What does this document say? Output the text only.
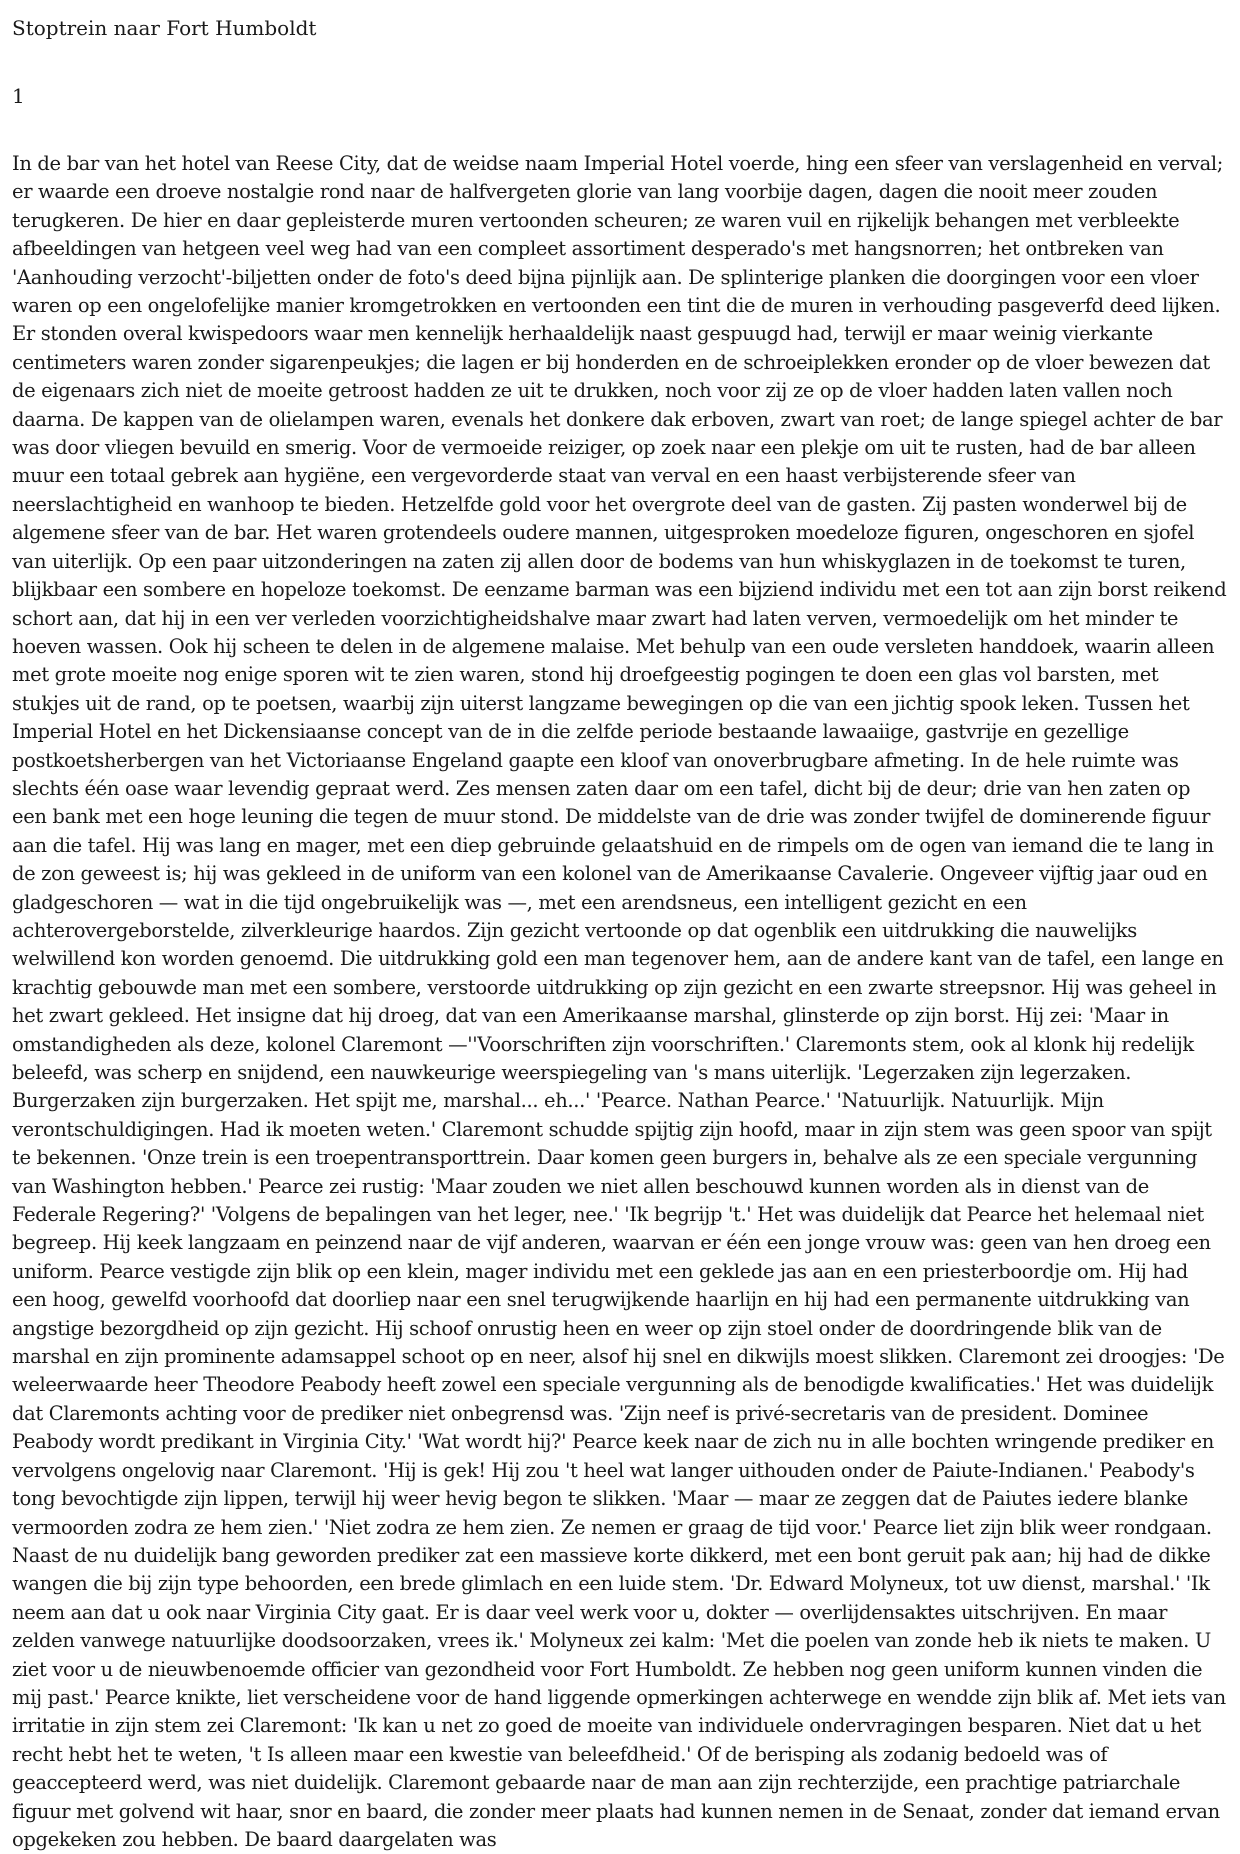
Stoptrein naar Fort Humboldt
1

In de bar van het hotel van Reese City, dat de weidse naam Imperial Hotel voerde, hing een sfeer van verslagenheid en verval; er waarde een droeve nostalgie rond naar de halfvergeten glorie van lang voorbije dagen, dagen die nooit meer zouden terugkeren. De hier en daar gepleisterde muren vertoonden scheuren; ze waren vuil en rijkelijk behangen met verbleekte afbeeldingen van hetgeen veel weg had van een compleet assortiment desperado's met hangsnorren; het ontbreken van 'Aanhouding verzocht'-biljetten onder de foto's deed bijna pijnlijk aan. De splinterige planken die doorgingen voor een vloer waren op een ongelofelijke manier kromgetrokken en vertoonden een tint die de muren in verhouding pasgeverfd deed lijken. Er stonden overal kwispedoors waar men kennelijk herhaaldelijk naast gespuugd had, terwijl er maar weinig vierkante centimeters waren zonder sigarenpeukjes; die lagen er bij honderden en de schroeiplekken eronder op de vloer bewezen dat de eigenaars zich niet de moeite getroost hadden ze uit te drukken, noch voor zij ze op de vloer hadden laten vallen noch daarna. De kappen van de olielampen waren, evenals het donkere dak erboven, zwart van roet; de lange spiegel achter de bar was door vliegen bevuild en smerig. Voor de vermoeide reiziger, op zoek naar een plekje om uit te rusten, had de bar alleen muur een totaal gebrek aan hygiëne, een vergevorderde staat van verval en een haast verbijsterende sfeer van neerslachtigheid en wanhoop te bieden. Hetzelfde gold voor het overgrote deel van de gasten. Zij pasten wonderwel bij de algemene sfeer van de bar. Het waren grotendeels oudere mannen, uitgesproken moedeloze figuren, ongeschoren en sjofel van uiterlijk. Op een paar uitzonderingen na zaten zij allen door de bodems van hun whiskyglazen in de toekomst te turen, blijkbaar een sombere en hopeloze toekomst. De eenzame barman was een bijziend individu met een tot aan zijn borst reikend schort aan, dat hij in een ver verleden voorzichtigheidshalve maar zwart had laten verven, vermoedelijk om het minder te hoeven wassen. Ook hij scheen te delen in de algemene malaise. Met behulp van een oude versleten handdoek, waarin alleen met grote moeite nog enige sporen wit te zien waren, stond hij droefgeestig pogingen te doen een glas vol barsten, met stukjes uit de rand, op te poetsen, waarbij zijn uiterst langzame bewegingen op die van een jichtig spook leken. Tussen het Imperial Hotel en het Dickensiaanse concept van de in die zelfde periode bestaande lawaaiige, gastvrije en gezellige postkoetsherbergen van het Victoriaanse Engeland gaapte een kloof van onoverbrugbare afmeting. In de hele ruimte was slechts één oase waar levendig gepraat werd. Zes mensen zaten daar om een tafel, dicht bij de deur; drie van hen zaten op een bank met een hoge leuning die tegen de muur stond. De middelste van de drie was zonder twijfel de dominerende figuur aan die tafel. Hij was lang en mager, met een diep gebruinde gelaatshuid en de rimpels om de ogen van iemand die te lang in de zon geweest is; hij was gekleed in de uniform van een kolonel van de Amerikaanse Cavalerie. Ongeveer vijftig jaar oud en gladgeschoren — wat in die tijd ongebruikelijk was —, met een arendsneus, een intelligent gezicht en een achterovergeborstelde, zilverkleurige haardos. Zijn gezicht vertoonde op dat ogenblik een uitdrukking die nauwelijks welwillend kon worden genoemd. Die uitdrukking gold een man tegenover hem, aan de andere kant van de tafel, een lange en krachtig gebouwde man met een sombere, verstoorde uitdrukking op zijn gezicht en een zwarte streepsnor. Hij was geheel in het zwart gekleed. Het insigne dat hij droeg, dat van een Amerikaanse marshal, glinsterde op zijn borst. Hij zei: 'Maar in omstandigheden als deze, kolonel Claremont —''Voorschriften zijn voorschriften.' Claremonts stem, ook al klonk hij redelijk beleefd, was scherp en snijdend, een nauwkeurige weerspiegeling van 's mans uiterlijk. 'Legerzaken zijn legerzaken. Burgerzaken zijn burgerzaken. Het spijt me, marshal... eh...' 'Pearce. Nathan Pearce.' 'Natuurlijk. Natuurlijk. Mijn verontschuldigingen. Had ik moeten weten.' Claremont schudde spijtig zijn hoofd, maar in zijn stem was geen spoor van spijt te bekennen. 'Onze trein is een troepentransporttrein. Daar komen geen burgers in, behalve als ze een speciale vergunning van Washington hebben.' Pearce zei rustig: 'Maar zouden we niet allen beschouwd kunnen worden als in dienst van de Federale Regering?' 'Volgens de bepalingen van het leger, nee.' 'Ik begrijp 't.' Het was duidelijk dat Pearce het helemaal niet begreep. Hij keek langzaam en peinzend naar de vijf anderen, waarvan er één een jonge vrouw was: geen van hen droeg een uniform. Pearce vestigde zijn blik op een klein, mager individu met een geklede jas aan en een priesterboordje om. Hij had een hoog, gewelfd voorhoofd dat doorliep naar een snel terugwijkende haarlijn en hij had een permanente uitdrukking van angstige bezorgdheid op zijn gezicht. Hij schoof onrustig heen en weer op zijn stoel onder de doordringende blik van de marshal en zijn prominente adamsappel schoot op en neer, alsof hij snel en dikwijls moest slikken. Claremont zei droogjes: 'De weleerwaarde heer Theodore Peabody heeft zowel een speciale vergunning als de benodigde kwalificaties.' Het was duidelijk dat Claremonts achting voor de prediker niet onbegrensd was. 'Zijn neef is privé-secretaris van de president. Dominee Peabody wordt predikant in Virginia City.' 'Wat wordt hij?' Pearce keek naar de zich nu in alle bochten wringende prediker en vervolgens ongelovig naar Claremont. 'Hij is gek! Hij zou 't heel wat langer uithouden onder de Paiute-Indianen.' Peabody's tong bevochtigde zijn lippen, terwijl hij weer hevig begon te slikken. 'Maar — maar ze zeggen dat de Paiutes iedere blanke vermoorden zodra ze hem zien.' 'Niet zodra ze hem zien. Ze nemen er graag de tijd voor.' Pearce liet zijn blik weer rondgaan. Naast de nu duidelijk bang geworden prediker zat een massieve korte dikkerd, met een bont geruit pak aan; hij had de dikke wangen die bij zijn type behoorden, een brede glimlach en een luide stem. 'Dr. Edward Molyneux, tot uw dienst, marshal.' 'Ik neem aan dat u ook naar Virginia City gaat. Er is daar veel werk voor u, dokter — overlijdensaktes uitschrijven. En maar zelden vanwege natuurlijke doodsoorzaken, vrees ik.' Molyneux zei kalm: 'Met die poelen van zonde heb ik niets te maken. U ziet voor u de nieuwbenoemde officier van gezondheid voor Fort Humboldt. Ze hebben nog geen uniform kunnen vinden die mij past.' Pearce knikte, liet verscheidene voor de hand liggende opmerkingen achterwege en wendde zijn blik af. Met iets van irritatie in zijn stem zei Claremont: 'Ik kan u net zo goed de moeite van individuele ondervragingen besparen. Niet dat u het recht hebt het te weten, 't Is alleen maar een kwestie van beleefdheid.' Of de berisping als zodanig bedoeld was of geaccepteerd werd, was niet duidelijk. Claremont gebaarde naar de man aan zijn rechterzijde, een prachtige patriarchale figuur met golvend wit haar, snor en baard, die zonder meer plaats had kunnen nemen in de Senaat, zonder dat iemand ervan opgekeken zou hebben. De baard daargelaten was
